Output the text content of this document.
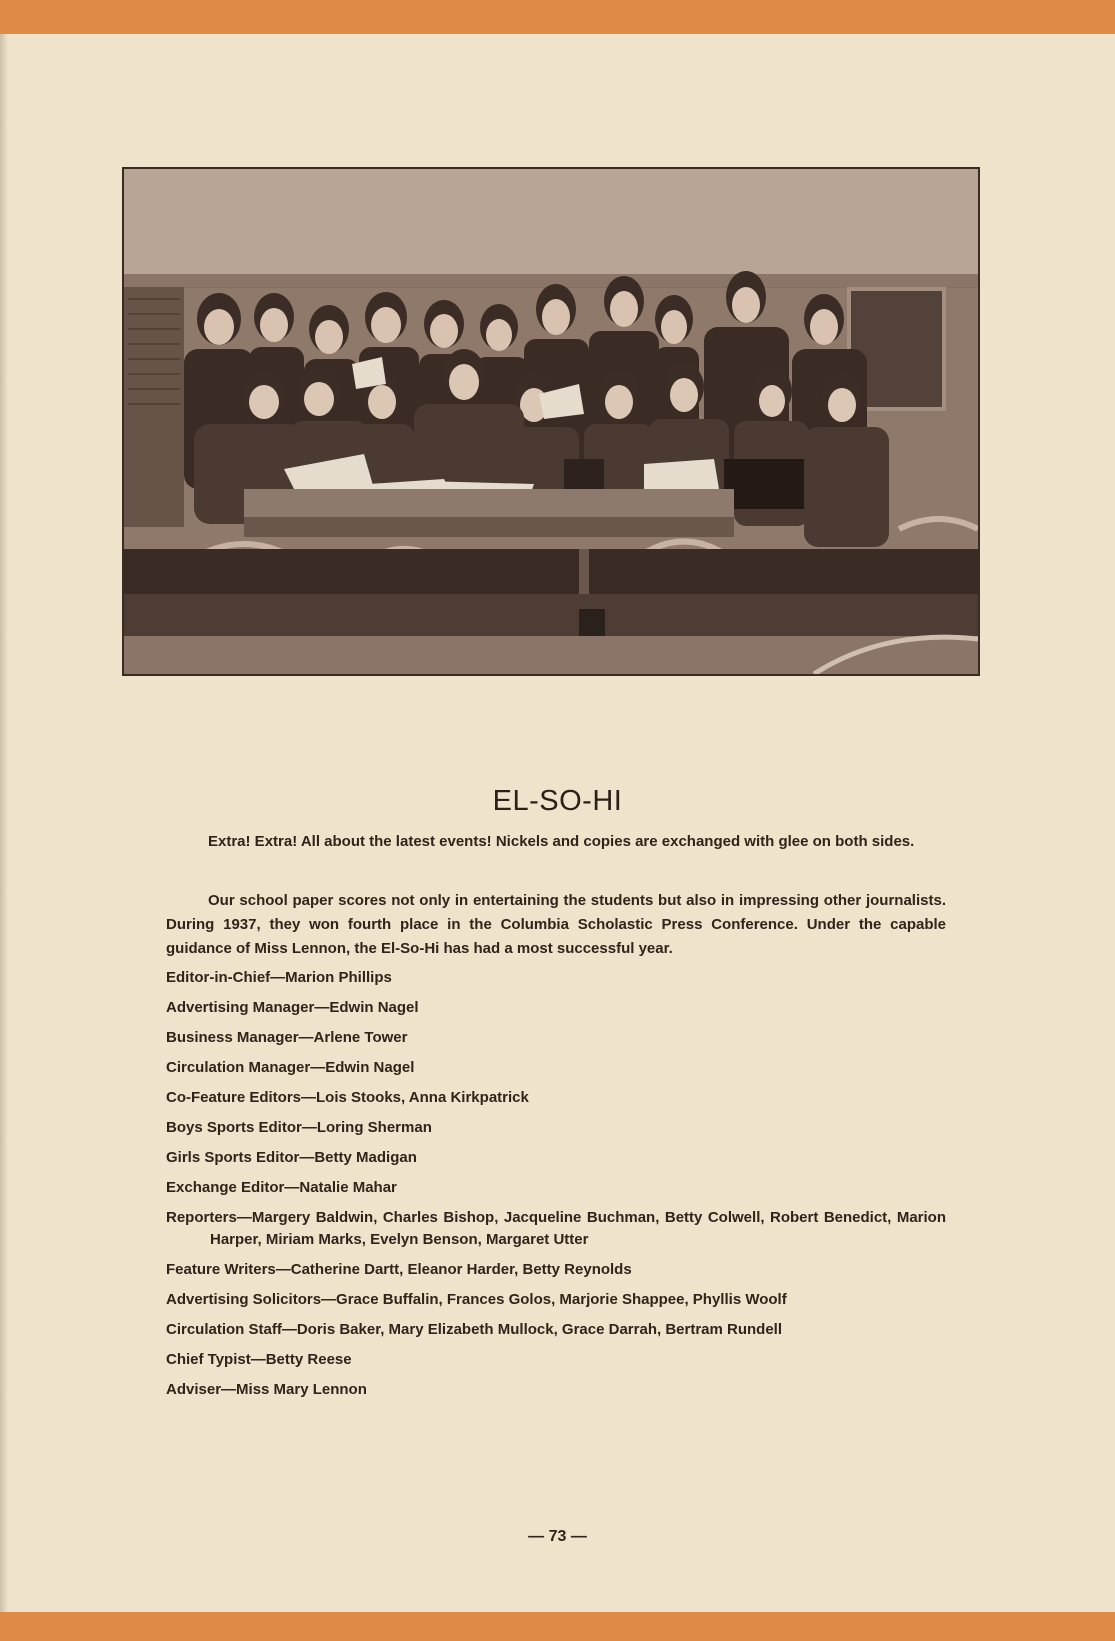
EL-SO-HI

Extra! Extra! All about the latest events! Nickels and copies are exchanged with glee on both sides.

Our school paper scores not only in entertaining the students but also in impressing other journalists. During 1937, they won fourth place in the Columbia Scholastic Press Conference. Under the capable guidance of Miss Lennon, the El-So-Hi has had a most successful year.

Editor-in-Chief—Marion Phillips
Advertising Manager—Edwin Nagel
Business Manager—Arlene Tower
Circulation Manager—Edwin Nagel
Co-Feature Editors—Lois Stooks, Anna Kirkpatrick
Boys Sports Editor—Loring Sherman
Girls Sports Editor—Betty Madigan
Exchange Editor—Natalie Mahar
Reporters—Margery Baldwin, Charles Bishop, Jacqueline Buchman, Betty Colwell, Robert Benedict, Marion Harper, Miriam Marks, Evelyn Benson, Margaret Utter
Feature Writers—Catherine Dartt, Eleanor Harder, Betty Reynolds
Advertising Solicitors—Grace Buffalin, Frances Golos, Marjorie Shappee, Phyllis Woolf
Circulation Staff—Doris Baker, Mary Elizabeth Mullock, Grace Darrah, Bertram Rundell
Chief Typist—Betty Reese
Adviser—Miss Mary Lennon
— 73 —
